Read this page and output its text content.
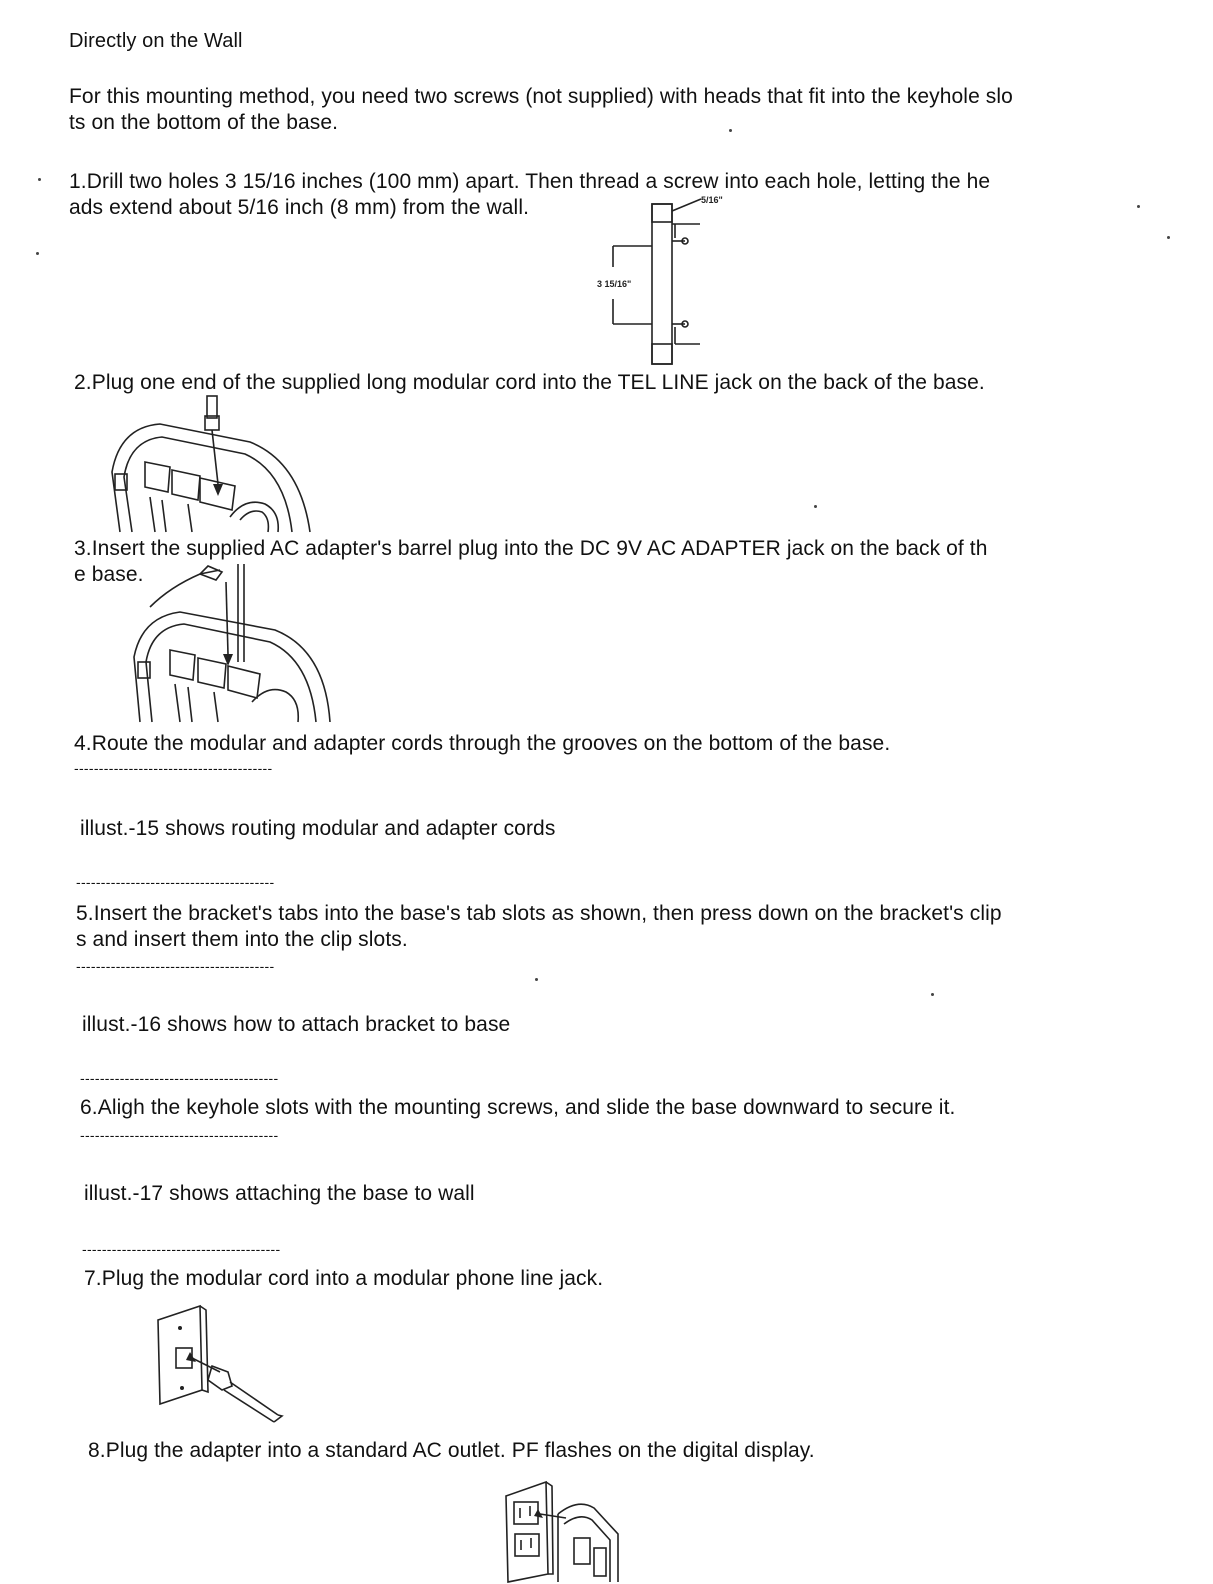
Directly on the Wall
For this mounting method, you need two screws (not supplied) with heads that fit into the keyhole slo
ts on the bottom of the base.
1.Drill two holes 3 15/16 inches (100 mm) apart. Then thread a screw into each hole, letting the he
ads extend about 5/16 inch (8 mm) from the wall.	5/16"
3 15/16"
2.Plug one end of the supplied long modular cord into the TEL LINE jack on the back of the base.
3.Insert the supplied AC adapter's barrel plug into the DC 9V AC ADAPTER jack on the back of th
e base.
4.Route the modular and adapter cords through the grooves on the bottom of the base.
----------------------------------------
illust.-15 shows routing modular and adapter cords
----------------------------------------
5.Insert the bracket's tabs into the base's tab slots as shown, then press down on the bracket's clip
s and insert them into the clip slots.
----------------------------------------
illust.-16 shows how to attach bracket to base
----------------------------------------
6.Aligh the keyhole slots with the mounting screws, and slide the base downward to secure it.
----------------------------------------
illust.-17 shows attaching the base to wall
----------------------------------------
7.Plug the modular cord into a modular phone line jack.
8.Plug the adapter into a standard AC outlet. PF flashes on the digital display.
